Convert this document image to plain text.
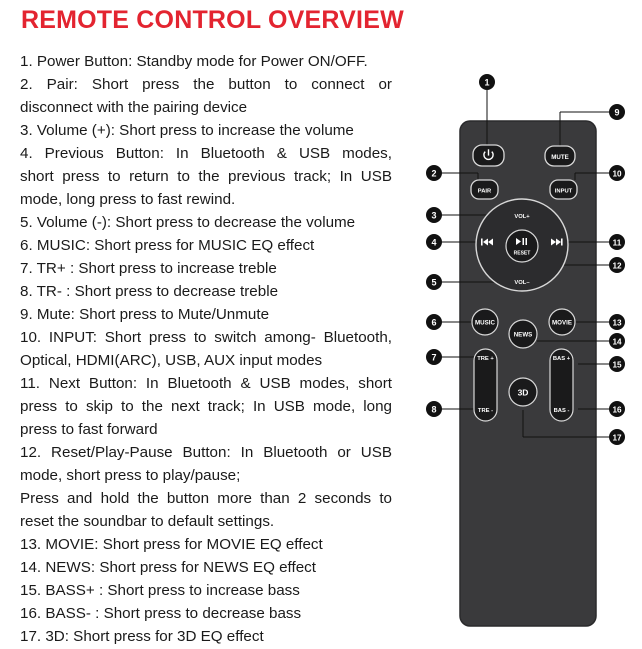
REMOTE CONTROL OVERVIEW
1. Power Button: Standby mode for Power ON/OFF.
2. Pair: Short press the button to connect or
disconnect with the pairing device
3. Volume (+): Short press to increase the volume
4. Previous Button: In Bluetooth & USB modes,
short press to return to the previous track; In USB
mode, long press to fast rewind.
5. Volume (-): Short press to decrease the volume
6. MUSIC: Short press for MUSIC EQ effect
7. TR+ : Short press to increase treble
8. TR- : Short press to decrease treble
9. Mute: Short press to Mute/Unmute
10. INPUT: Short press to switch among- Bluetooth,
Optical, HDMI(ARC), USB, AUX input modes
11. Next Button: In Bluetooth & USB modes, short
press to skip to the next track; In USB mode, long
press to fast forward
12. Reset/Play-Pause Button: In Bluetooth or USB
mode, short press to play/pause;
Press and hold the button more than 2 seconds to
reset the soundbar to default settings.
13. MOVIE: Short press for MOVIE EQ effect
14. NEWS: Short press for NEWS EQ effect
15. BASS+ : Short press to increase bass
16. BASS- : Short press to decrease bass
17. 3D: Short press for 3D EQ effect
MUTE
PAIR	INPUT
VOL+
VOL–
RESET
MUSIC	MOVIE
NEWS
TRE +
TRE -
BAS +
BAS -
3D
1
2
3
4
5
6
7
8
9
10
11
12
13
14
15
16
17
